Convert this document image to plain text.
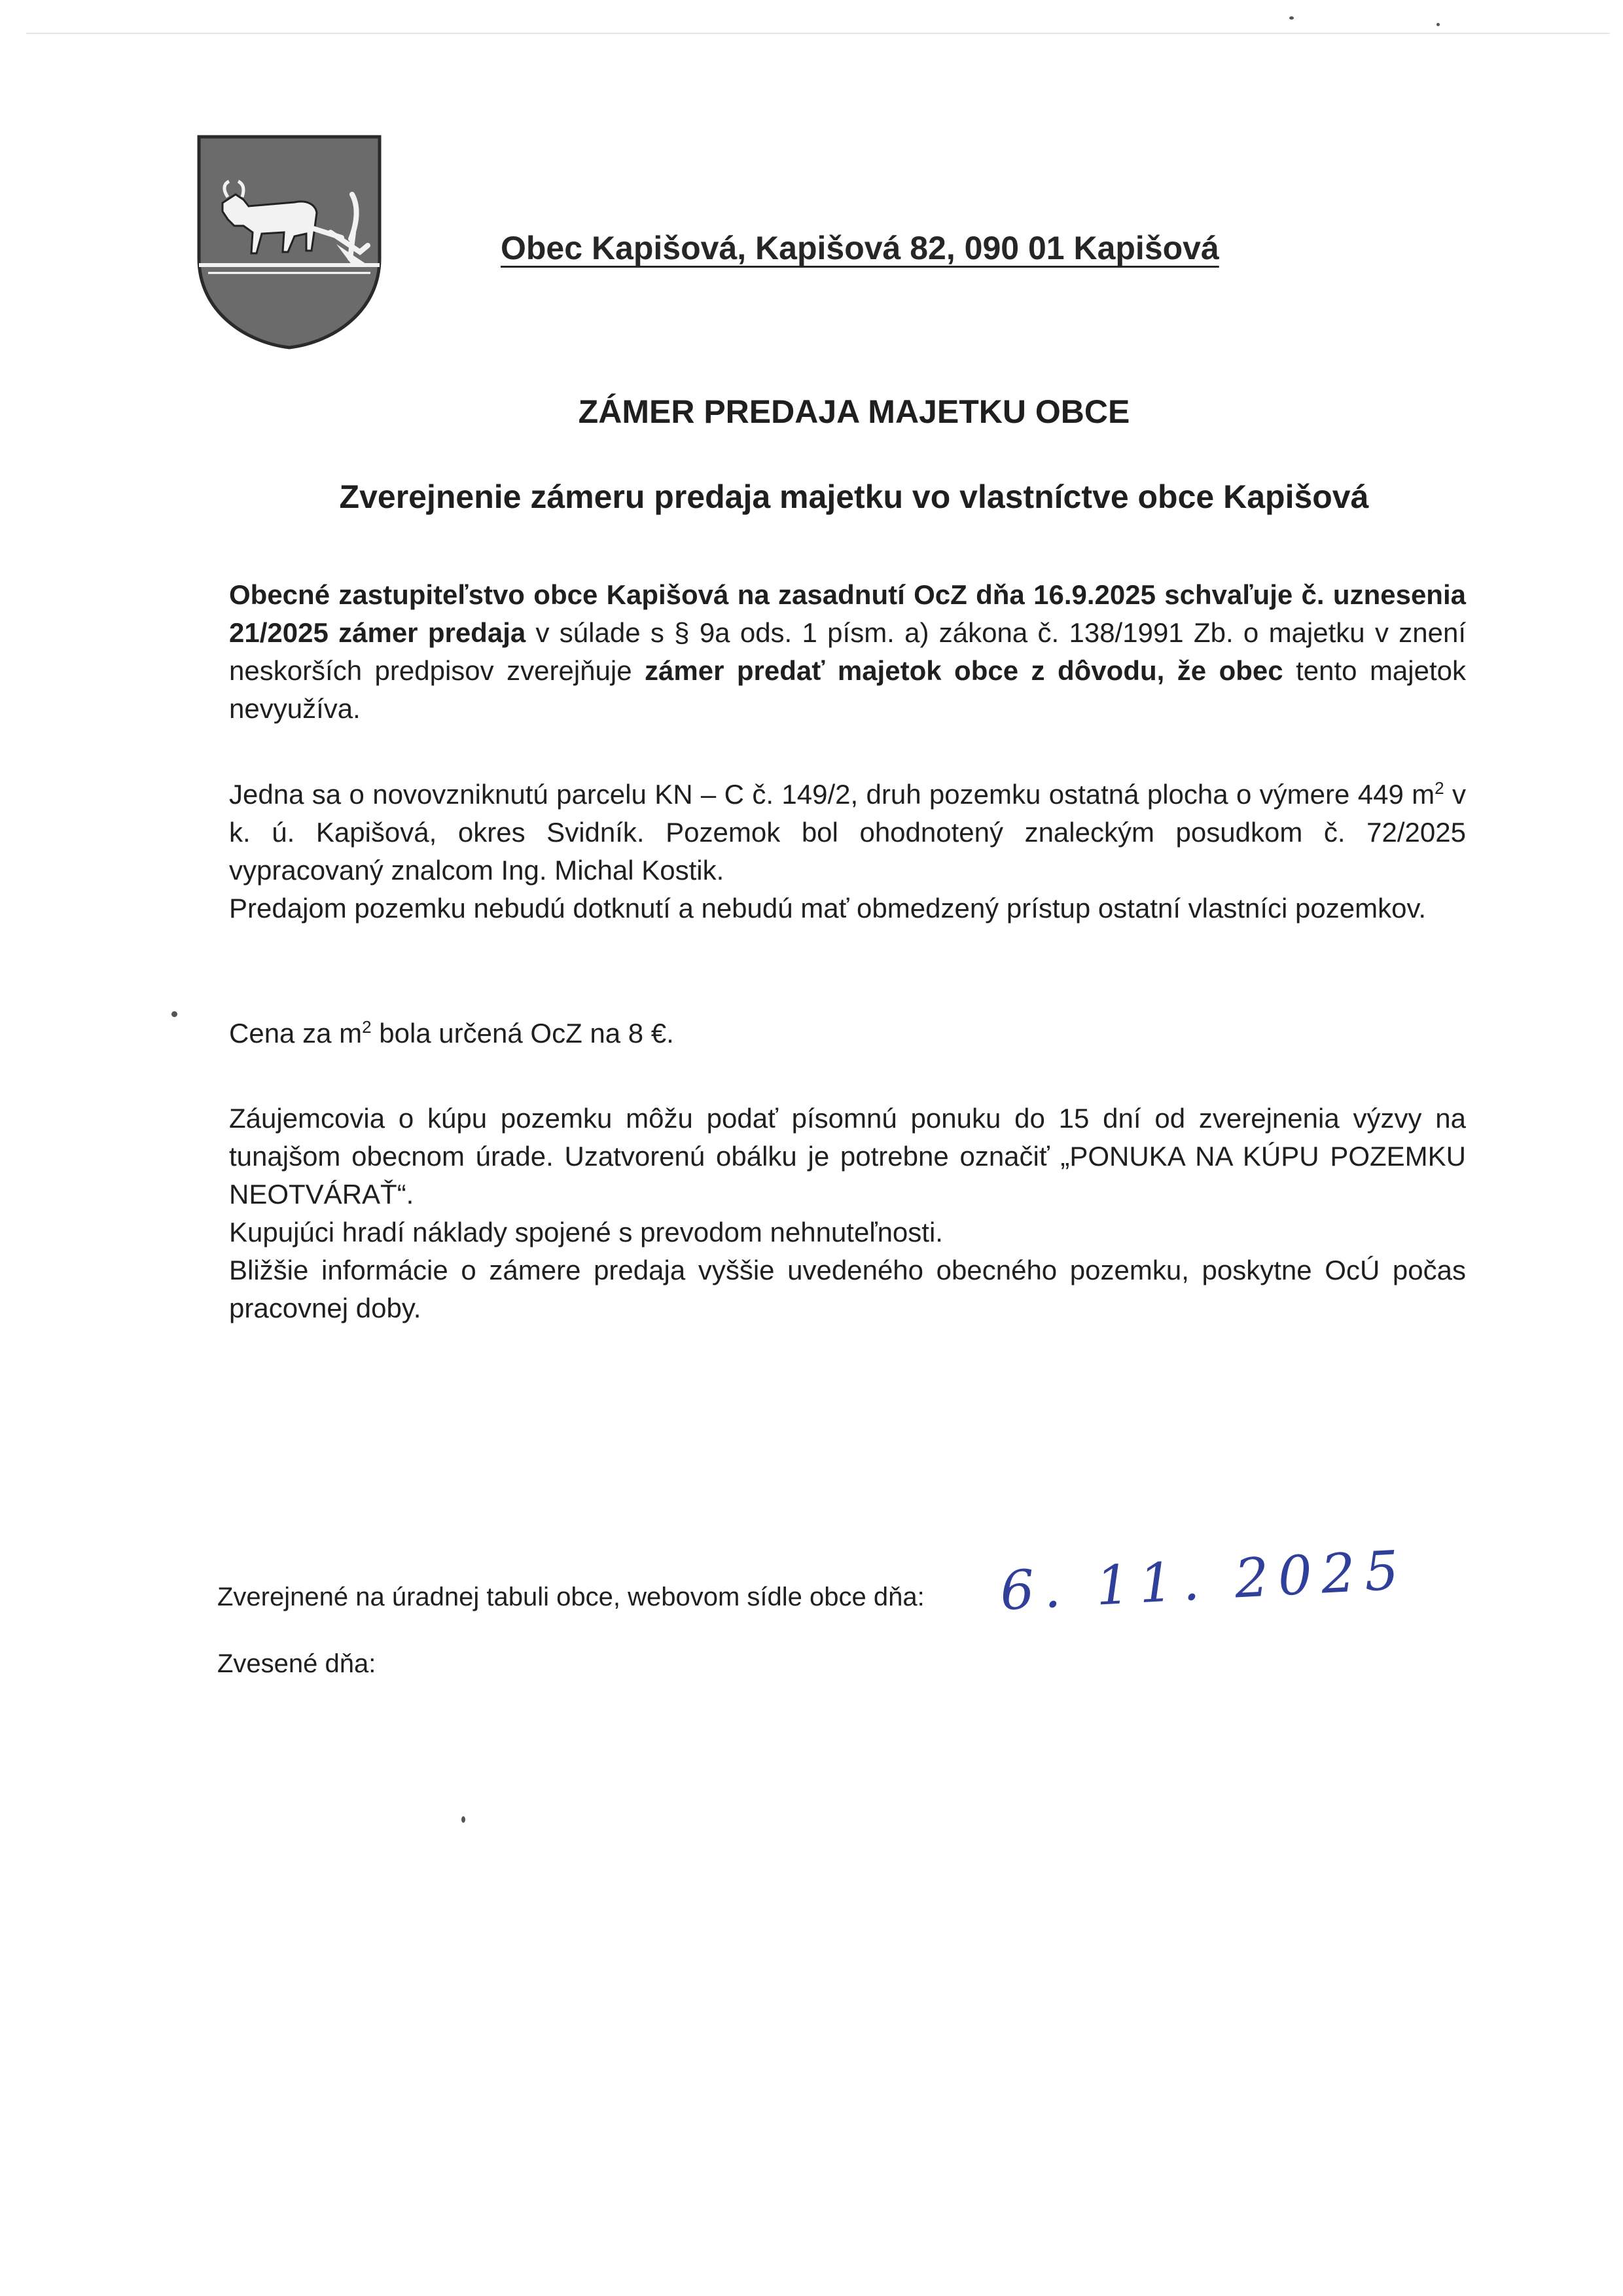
Obec Kapišová, Kapišová 82, 090 01 Kapišová
ZÁMER PREDAJA MAJETKU OBCE
Zverejnenie zámeru predaja majetku vo vlastníctve obce Kapišová

Obecné zastupiteľstvo obce Kapišová na zasadnutí OcZ dňa 16.9.2025 schvaľuje č. uznesenia 21/2025 zámer predaja v súlade s § 9a ods. 1 písm. a) zákona č. 138/1991 Zb. o majetku v znení neskorších predpisov zverejňuje zámer predať majetok obce z dôvodu, že obec tento majetok nevyužíva.

Jedna sa o novovzniknutú parcelu KN – C č. 149/2, druh pozemku ostatná plocha o výmere 449 $m^2$ v k. ú. Kapišová, okres Svidník. Pozemok bol ohodnotený znaleckým posudkom č. 72/2025 vypracovaný znalcom Ing. Michal Kostik.

Predajom pozemku nebudú dotknutí a nebudú mať obmedzený prístup ostatní vlastníci pozemkov.

Cena za $m^2$ bola určená OcZ na 8 €.

Záujemcovia o kúpu pozemku môžu podať písomnú ponuku do 15 dní od zverejnenia výzvy na tunajšom obecnom úrade. Uzatvorenú obálku je potrebne označiť „PONUKA NA KÚPU POZEMKU NEOTVÁRAŤ“.

Kupujúci hradí náklady spojené s prevodom nehnuteľnosti.

Bližšie informácie o zámere predaja vyššie uvedeného obecného pozemku, poskytne OcÚ počas pracovnej doby.

Zverejnené na úradnej tabuli obce, webovom sídle obce dňa: 6. 11. 2025
Zvesené dňa:
